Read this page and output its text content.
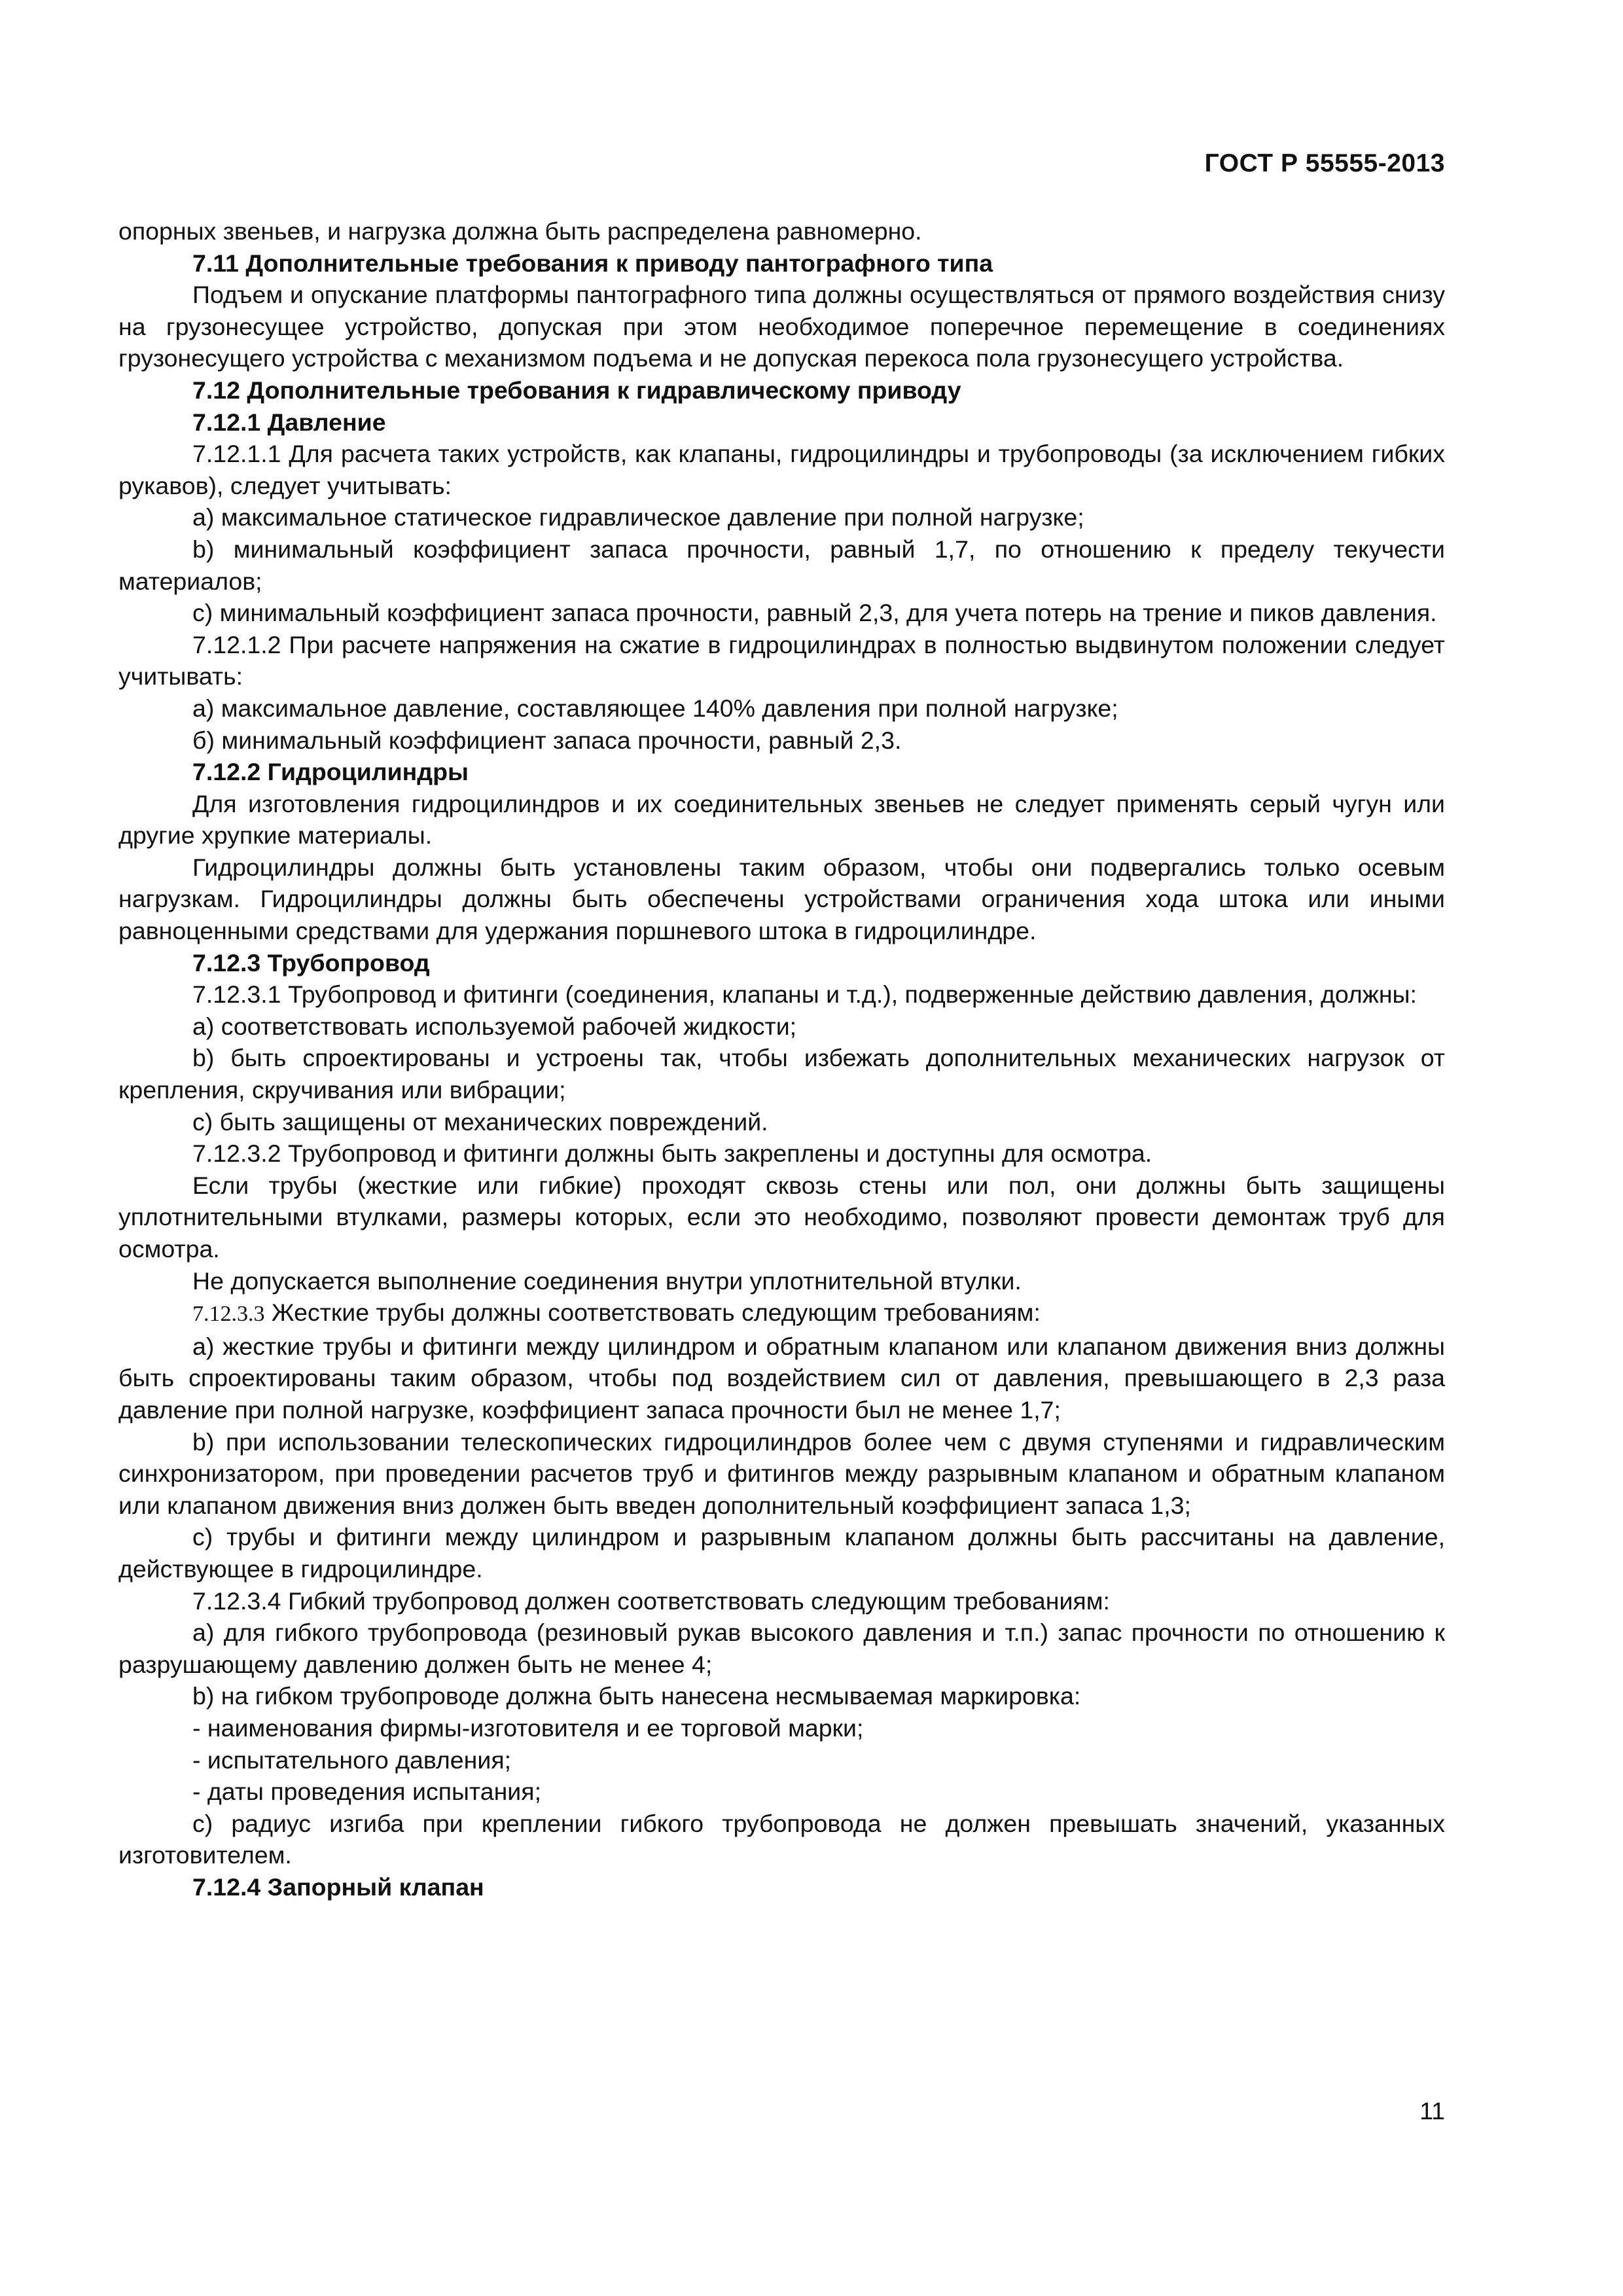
ГОСТ Р 55555-2013

опорных звеньев, и нагрузка должна быть распределена равномерно.

7.11 Дополнительные требования к приводу пантографного типа

Подъем и опускание платформы пантографного типа должны осуществляться от прямого воздействия снизу на грузонесущее устройство, допуская при этом необходимое поперечное перемещение в соединениях грузонесущего устройства с механизмом подъема и не допуская перекоса пола грузонесущего устройства.

7.12 Дополнительные требования к гидравлическому приводу

7.12.1 Давление

7.12.1.1 Для расчета таких устройств, как клапаны, гидроцилиндры и трубопроводы (за исключением гибких рукавов), следует учитывать:

a) максимальное статическое гидравлическое давление при полной нагрузке;

b) минимальный коэффициент запаса прочности, равный 1,7, по отношению к пределу текучести материалов;

c) минимальный коэффициент запаса прочности, равный 2,3, для учета потерь на трение и пиков давления.

7.12.1.2 При расчете напряжения на сжатие в гидроцилиндрах в полностью выдвинутом положении следует учитывать:

а) максимальное давление, составляющее 140% давления при полной нагрузке;

б) минимальный коэффициент запаса прочности, равный 2,3.

7.12.2 Гидроцилиндры

Для изготовления гидроцилиндров и их соединительных звеньев не следует применять серый чугун или другие хрупкие материалы.

Гидроцилиндры должны быть установлены таким образом, чтобы они подвергались только осевым нагрузкам. Гидроцилиндры должны быть обеспечены устройствами ограничения хода штока или иными равноценными средствами для удержания поршневого штока в гидроцилиндре.

7.12.3 Трубопровод

7.12.3.1 Трубопровод и фитинги (соединения, клапаны и т.д.), подверженные действию давления, должны:

a) соответствовать используемой рабочей жидкости;

b) быть спроектированы и устроены так, чтобы избежать дополнительных механических нагрузок от крепления, скручивания или вибрации;

c) быть защищены от механических повреждений.

7.12.3.2 Трубопровод и фитинги должны быть закреплены и доступны для осмотра.

Если трубы (жесткие или гибкие) проходят сквозь стены или пол, они должны быть защищены уплотнительными втулками, размеры которых, если это необходимо, позволяют провести демонтаж труб для осмотра.

Не допускается выполнение соединения внутри уплотнительной втулки.

7.12.3.3 Жесткие трубы должны соответствовать следующим требованиям:

a) жесткие трубы и фитинги между цилиндром и обратным клапаном или клапаном движения вниз должны быть спроектированы таким образом, чтобы под воздействием сил от давления, превышающего в 2,3 раза давление при полной нагрузке, коэффициент запаса прочности был не менее 1,7;

b) при использовании телескопических гидроцилиндров более чем с двумя ступенями и гидравлическим синхронизатором, при проведении расчетов труб и фитингов между разрывным клапаном и обратным клапаном или клапаном движения вниз должен быть введен дополнительный коэффициент запаса 1,3;

c) трубы и фитинги между цилиндром и разрывным клапаном должны быть рассчитаны на давление, действующее в гидроцилиндре.

7.12.3.4 Гибкий трубопровод должен соответствовать следующим требованиям:

a) для гибкого трубопровода (резиновый рукав высокого давления и т.п.) запас прочности по отношению к разрушающему давлению должен быть не менее 4;

b) на гибком трубопроводе должна быть нанесена несмываемая маркировка:

- наименования фирмы-изготовителя и ее торговой марки;

- испытательного давления;

- даты проведения испытания;

c) радиус изгиба при креплении гибкого трубопровода не должен превышать значений, указанных изготовителем.

7.12.4 Запорный клапан

11
